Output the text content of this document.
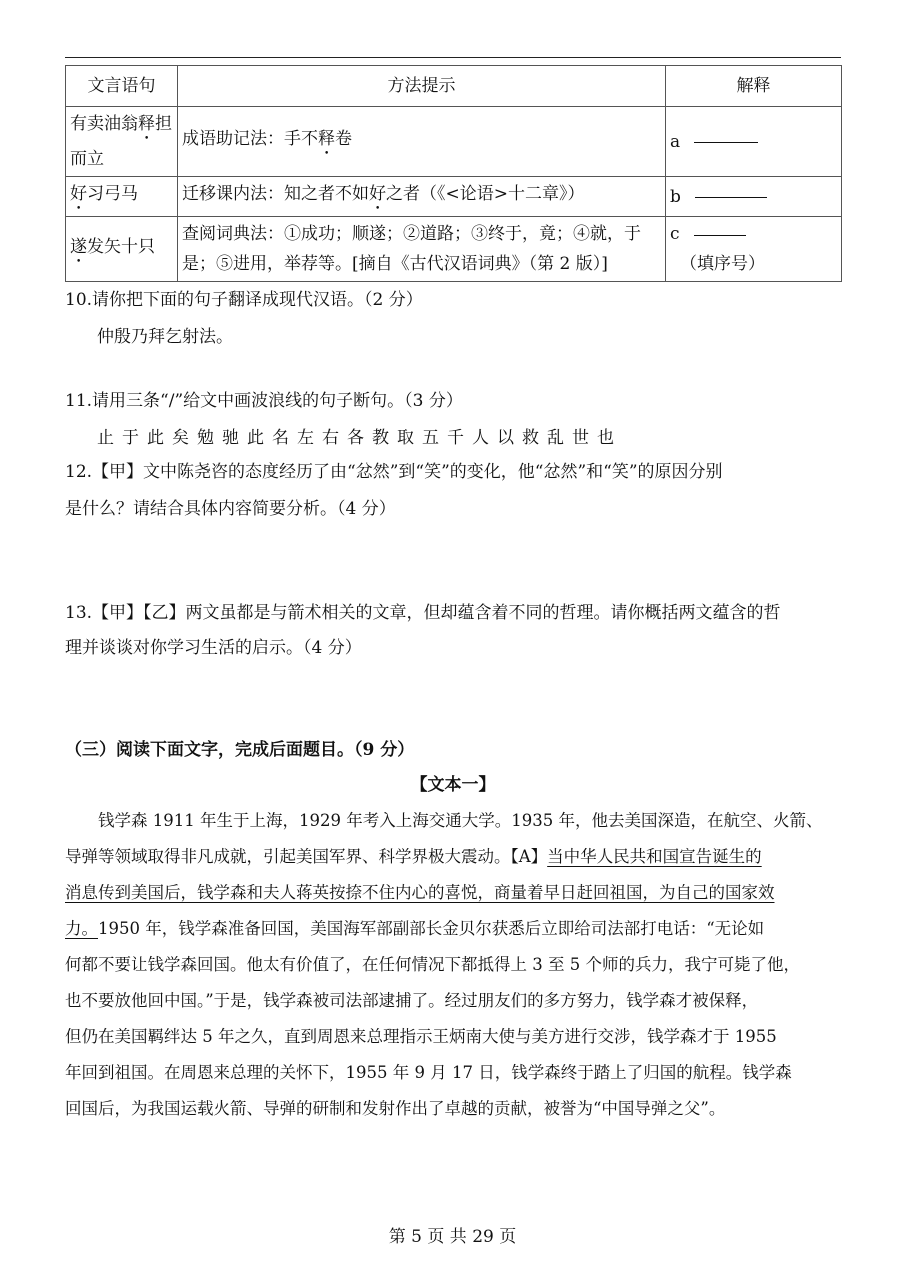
文言语句	方法提示	解释
有卖油翁释担而立	成语助记法：手不释卷	a
好习弓马	迁移课内法：知之者不如好之者（《<论语>十二章》）	b
遂发矢十只	查阅词典法：①成功；顺遂；②道路；③终于，竟；④就，于是；⑤进用，举荐等。[摘自《古代汉语词典》（第 2 版）]	c（填序号）
10.请你把下面的句子翻译成现代汉语。（2 分）
仲殷乃拜乞射法。
11.请用三条“/”给文中画波浪线的句子断句。（3 分）
止于此矣勉驰此名左右各教取五千人以救乱世也
12.【甲】文中陈尧咨的态度经历了由“忿然”到“笑”的变化，他“忿然”和“笑”的原因分别
是什么？请结合具体内容简要分析。（4 分）
13.【甲】【乙】两文虽都是与箭术相关的文章，但却蕴含着不同的哲理。请你概括两文蕴含的哲
理并谈谈对你学习生活的启示。（4 分）
（三）阅读下面文字，完成后面题目。（9 分）
【文本一】
　　钱学森 1911 年生于上海，1929 年考入上海交通大学。1935 年，他去美国深造，在航空、火箭、
导弹等领域取得非凡成就，引起美国军界、科学界极大震动。【A】当中华人民共和国宣告诞生的
消息传到美国后，钱学森和夫人蒋英按捺不住内心的喜悦，商量着早日赶回祖国，为自己的国家效
力。1950 年，钱学森准备回国，美国海军部副部长金贝尔获悉后立即给司法部打电话：“无论如
何都不要让钱学森回国。他太有价值了，在任何情况下都抵得上 3 至 5 个师的兵力，我宁可毙了他，
也不要放他回中国。”于是，钱学森被司法部逮捕了。经过朋友们的多方努力，钱学森才被保释，
但仍在美国羁绊达 5 年之久，直到周恩来总理指示王炳南大使与美方进行交涉，钱学森才于 1955
年回到祖国。在周恩来总理的关怀下，1955 年 9 月 17 日，钱学森终于踏上了归国的航程。钱学森
回国后，为我国运载火箭、导弹的研制和发射作出了卓越的贡献，被誉为“中国导弹之父”。
第 5 页 共 29 页
